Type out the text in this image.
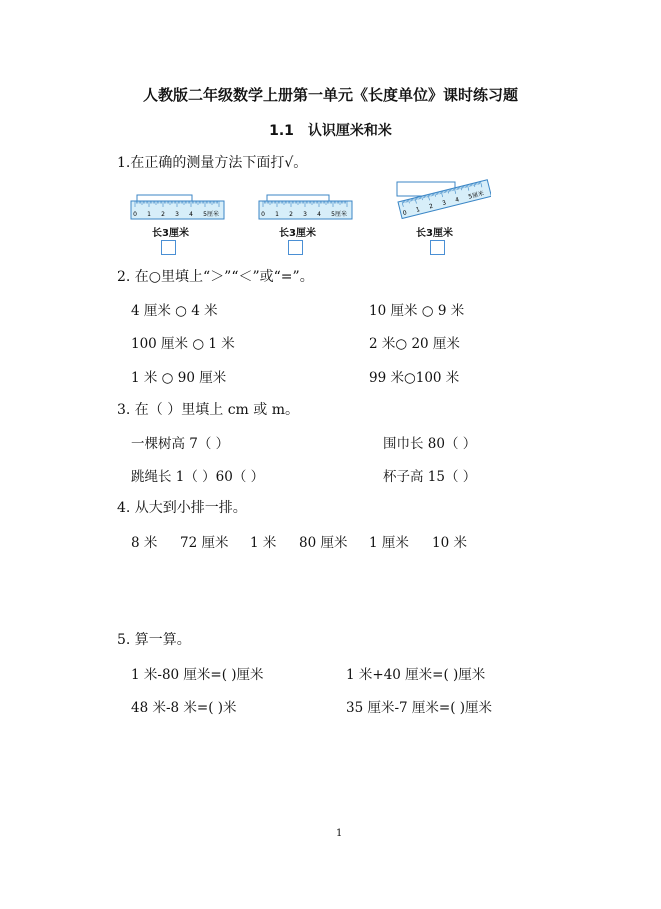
人教版二年级数学上册第一单元《长度单位》课时练习题
1.1　认识厘米和米
1.在正确的测量方法下面打√。
0 1 2 3 4 5 厘米	0 1 2 3 4 5 厘米	0 1 2 3 4 5
厘米
长3厘米	长3厘米	长3厘米
2. 在○里填上“＞”“＜”或“=”。
4 厘米 ○ 4 米	10 厘米 ○ 9 米
100 厘米 ○ 1 米	2 米○ 20 厘米
1 米 ○ 90 厘米	99 米○100 米
3. 在（ ）里填上 cm 或 m。
一棵树高 7（ ）	围巾长 80（ ）
跳绳长 1（ ）60（ ）	杯子高 15（ ）
4. 从大到小排一排。
8 米 72 厘米 1 米 80 厘米 1 厘米 10 米
5. 算一算。
1 米-80 厘米=( )厘米	1 米+40 厘米=( )厘米
48 米-8 米=( )米	35 厘米-7 厘米=( )厘米
1
